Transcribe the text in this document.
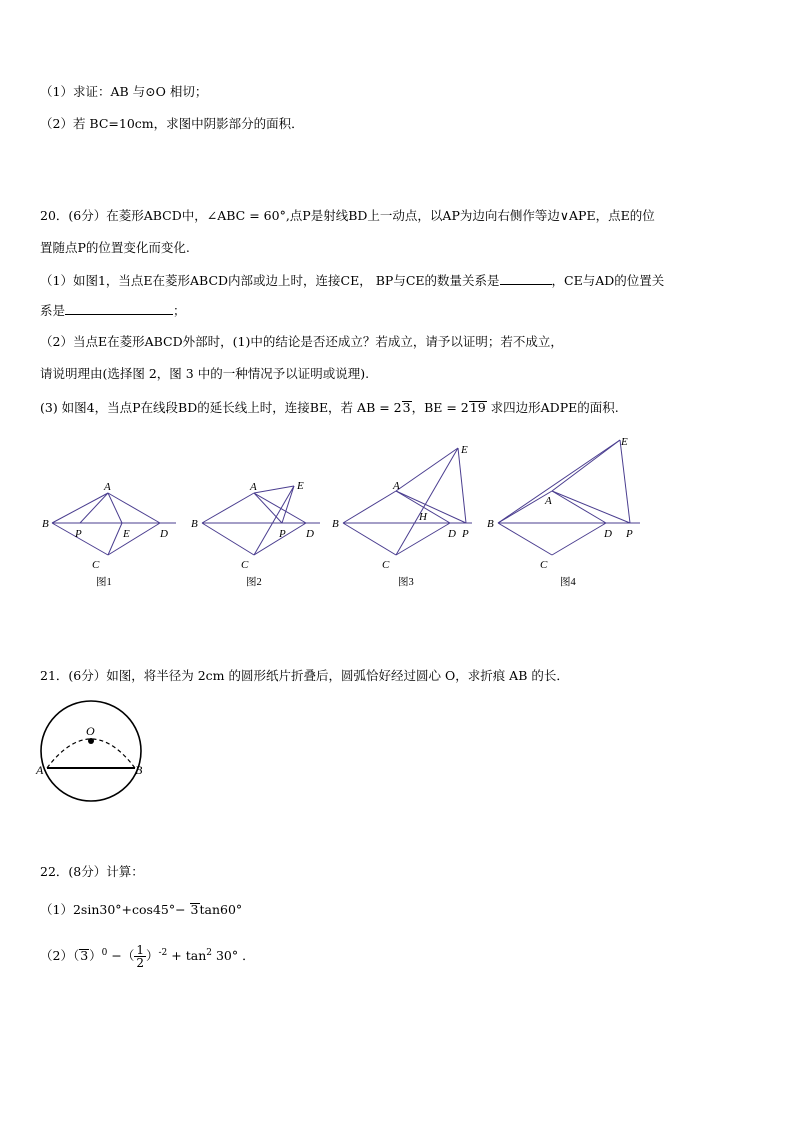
（1）求证：AB 与⊙O 相切；
（2）若 BC=10cm，求图中阴影部分的面积．
20．(6分）在菱形ABCD中，∠ABC = 60°,点P是射线BD上一动点，以AP为边向右侧作等边∨APE，点E的位
置随点P的位置变化而变化.
（1）如图1，当点E在菱形ABCD内部或边上时，连接CE， BP与CE的数量关系是	，CE与AD的位置关
系是	；
（2）当点E在菱形ABCD外部时，(1)中的结论是否还成立？若成立，请予以证明；若不成立，
请说明理由(选择图 2，图 3 中的一种情况予以证明或说理).
(3) 如图4，当点P在线段BD的延长线上时，连接BE，若 AB = 23，BE = 219 求四边形ADPE的面积.
B
A
P	E	D
C
B
A	E
P D
C
B
A
E
H
D P
C
B
A
E
D P
C
图1	图2	图3	图4
21．(6分）如图，将半径为 2cm 的圆形纸片折叠后，圆弧恰好经过圆心 O，求折痕 AB 的长．
O
A	B
22．(8分）计算：
（1）2sin30°+cos45°− 3tan60°
$(2)(3)^0$ −（ $\frac{1}{2} )^{-2} + \tan^2 30^\circ$ ．
